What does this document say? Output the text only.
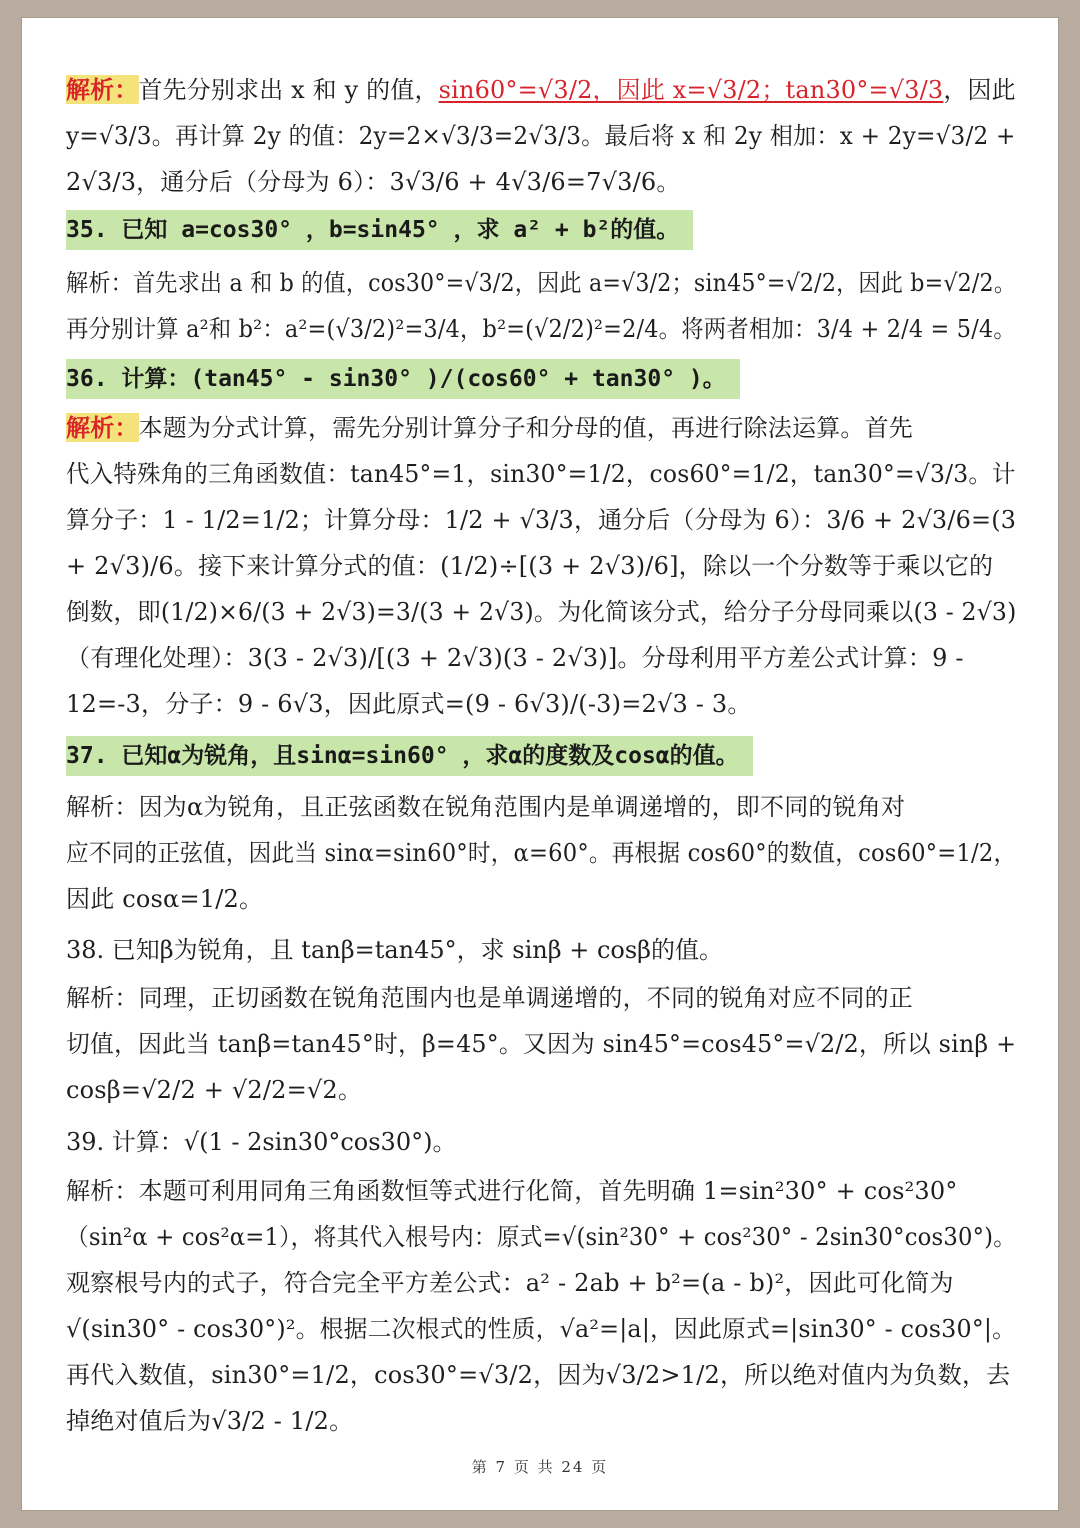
解析：首先分别求出 x 和 y 的值，sin60°=√3/2，因此 x=√3/2；tan30°=√3/3，因此
y=√3/3。再计算 2y 的值：2y=2×√3/3=2√3/3。最后将 x 和 2y 相加：x + 2y=√3/2 +
2√3/3，通分后（分母为 6）：3√3/6 + 4√3/6=7√3/6。
35. 已知 a=cos30° ，b=sin45° ，求 a² + b²的值。
解析：首先求出 a 和 b 的值，cos30°=√3/2，因此 a=√3/2；sin45°=√2/2，因此 b=√2/2。
再分别计算 a²和 b²：a²=(√3/2)²=3/4，b²=(√2/2)²=2/4。将两者相加：3/4 + 2/4 = 5/4。
36. 计算：(tan45° - sin30° )/(cos60° + tan30° )。
解析：本题为分式计算，需先分别计算分子和分母的值，再进行除法运算。首先
代入特殊角的三角函数值：tan45°=1，sin30°=1/2，cos60°=1/2，tan30°=√3/3。计
算分子：1 - 1/2=1/2；计算分母：1/2 + √3/3，通分后（分母为 6）：3/6 + 2√3/6=(3
+ 2√3)/6。接下来计算分式的值：(1/2)÷[(3 + 2√3)/6]，除以一个分数等于乘以它的
倒数，即(1/2)×6/(3 + 2√3)=3/(3 + 2√3)。为化简该分式，给分子分母同乘以(3 - 2√3)
（有理化处理）：3(3 - 2√3)/[(3 + 2√3)(3 - 2√3)]。分母利用平方差公式计算：9 -
12=-3，分子：9 - 6√3，因此原式=(9 - 6√3)/(-3)=2√3 - 3。
37. 已知α为锐角，且sinα=sin60° ，求α的度数及cosα的值。
解析：因为α为锐角，且正弦函数在锐角范围内是单调递增的，即不同的锐角对
应不同的正弦值，因此当 sinα=sin60°时，α=60°。再根据 cos60°的数值，cos60°=1/2，
因此 cosα=1/2。
38. 已知β为锐角，且 tanβ=tan45°，求 sinβ + cosβ的值。
解析：同理，正切函数在锐角范围内也是单调递增的，不同的锐角对应不同的正
切值，因此当 tanβ=tan45°时，β=45°。又因为 sin45°=cos45°=√2/2，所以 sinβ +
cosβ=√2/2 + √2/2=√2。
39. 计算：√(1 - 2sin30°cos30°)。
解析：本题可利用同角三角函数恒等式进行化简，首先明确 1=sin²30° + cos²30°
（sin²α + cos²α=1），将其代入根号内：原式=√(sin²30° + cos²30° - 2sin30°cos30°)。
观察根号内的式子，符合完全平方差公式：a² - 2ab + b²=(a - b)²，因此可化简为
√(sin30° - cos30°)²。根据二次根式的性质，√a²=|a|，因此原式=|sin30° - cos30°|。
再代入数值，sin30°=1/2，cos30°=√3/2，因为√3/2>1/2，所以绝对值内为负数，去
掉绝对值后为√3/2 - 1/2。
第 7 页 共 24 页
